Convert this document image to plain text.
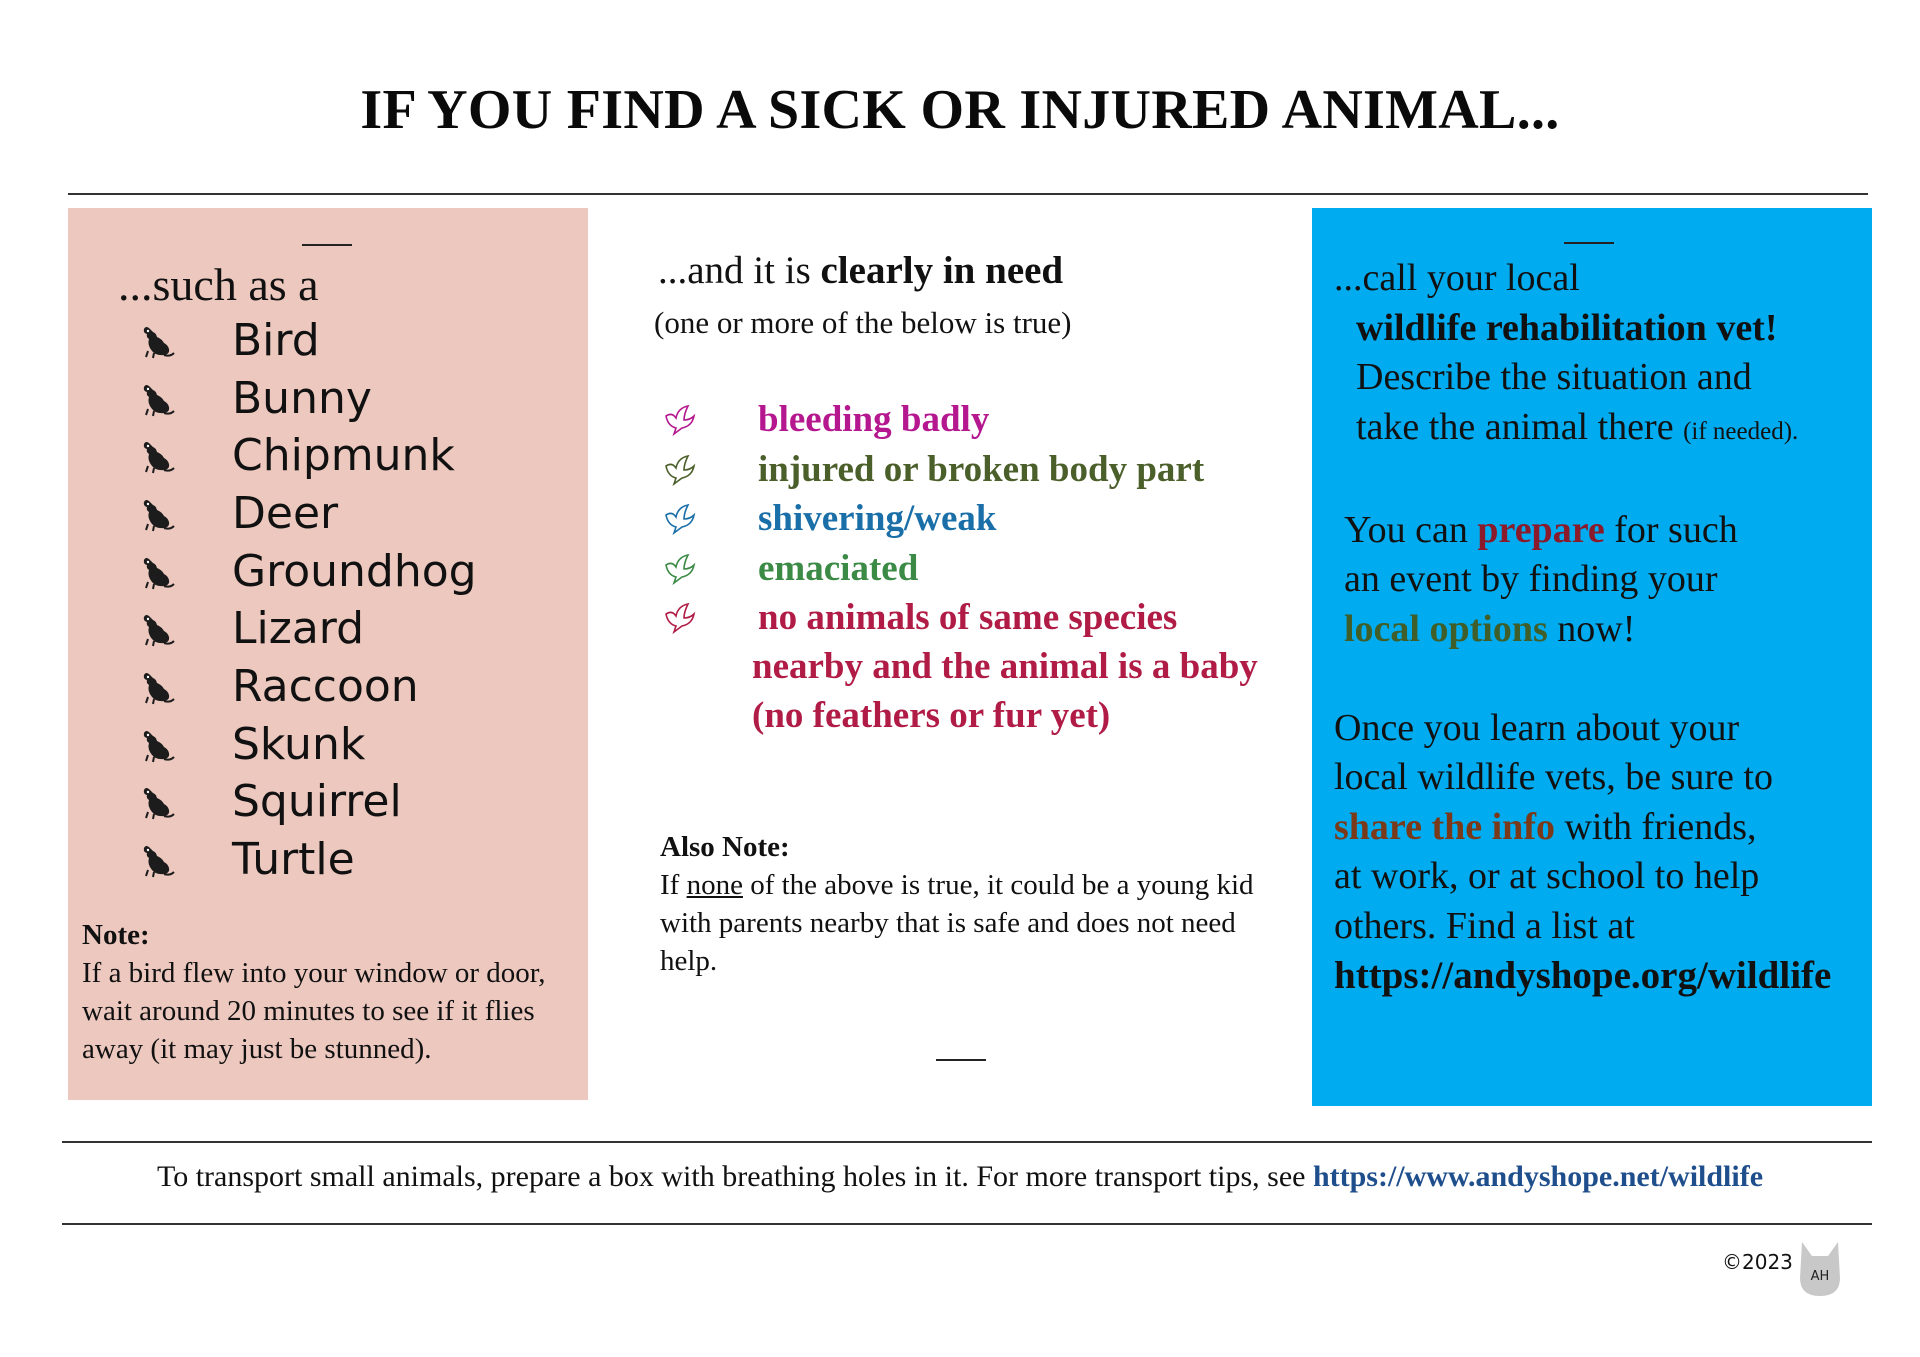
IF YOU FIND A SICK OR INJURED ANIMAL...
...such as a
Bird
Bunny
Chipmunk
Deer
Groundhog
Lizard
Raccoon
Skunk
Squirrel
Turtle
Note:
If a bird flew into your window or door, wait around 20 minutes to see if it flies away (it may just be stunned).
...and it is clearly in need
(one or more of the below is true)
bleeding badly
injured or broken body part
shivering/weak
emaciated
no animals of same species
nearby and the animal is a baby (no feathers or fur yet)
Also Note:
If none of the above is true, it could be a young kid with parents nearby that is safe and does not need help.

...call your local

wildlife rehabilitation vet!

Describe the situation and

take the animal there (if needed).

You can prepare for such

an event by finding your

local options now!

Once you learn about your

local wildlife vets, be sure to

share the info with friends,

at work, or at school to help

others. Find a list at

https://andyshope.org/wildlife

To transport small animals, prepare a box with breathing holes in it. For more transport tips, see https://www.andyshope.net/wildlife
©2023
AH
